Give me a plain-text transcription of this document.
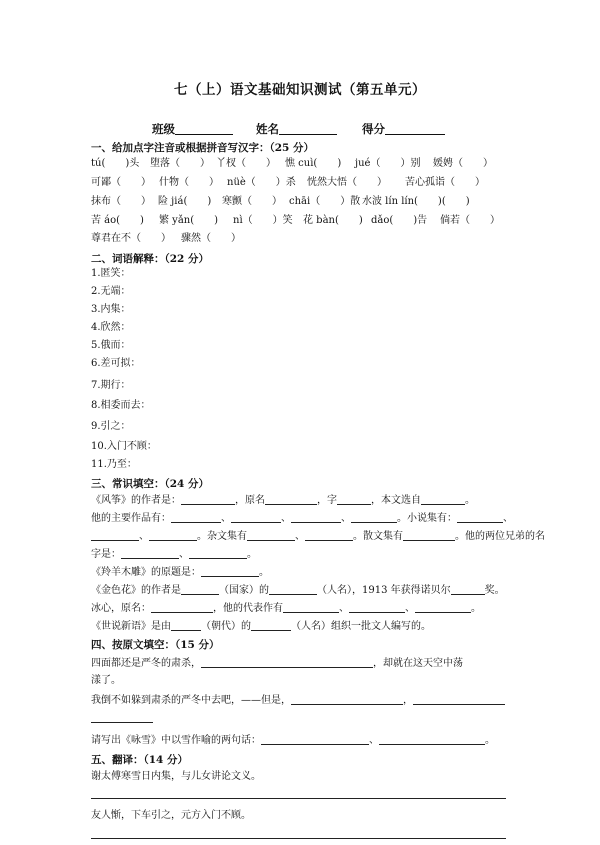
七（上）语文基础知识测试（第五单元）
班级	姓名	得分
一、给加点字注音或根据拼音写汉字：（25 分）
tú(　　)头 堕落（　　） 丫杈（　　） 憔 cuì(　　) jué（　　）别 媛娉（　　）
可鄙（　　） 什物（　　） nüè（　　）杀 恍然大悟（　　） 苦心孤诣（　　）
抹布（　　） 险 jiá(　　) 寒颤（　　） chāi（　　）散 水波 lín lín(　　)(　　)
苦 áo(　　) 繁 yǎn(　　) nì（　　）笑 花 bàn(　　) dǎo(　　)告 倘若（　　）
尊君在不（　　） 骤然（　　）
二、词语解释：（22 分）
1.匿笑：
2.无端：
3.内集：
4.欣然：
5.俄而：
6.差可拟：
7.期行：
8.相委而去：
9.引之：
10.入门不顾：
11.乃至：
三、常识填空：（24 分）
《风筝》的作者是：	，原名	，字	，本文选自	。
他的主要作品有：	、	、	、	。小说集有：	、
、	。杂文集有	、	。散文集有	。他的两位兄弟的名
字是：	、	。
《羚羊木雕》的原题是：	。
《金色花》的作者是	（国家）的	（人名），1913 年获得诺贝尔	奖。
冰心，原名：	，他的代表作有	、	、	。
《世说新语》是由	（朝代）的	（人名）组织一批文人编写的。
四、按原文填空：（15 分）
四面都还是严冬的肃杀，	，却就在这天空中荡
漾了。
我倒不如躲到肃杀的严冬中去吧，——但是，	，
请写出《咏雪》中以雪作喻的两句话：	、	。
五、翻译：（14 分）
谢太傅寒雪日内集，与儿女讲论文义。
友人惭，下车引之，元方入门不顾。
